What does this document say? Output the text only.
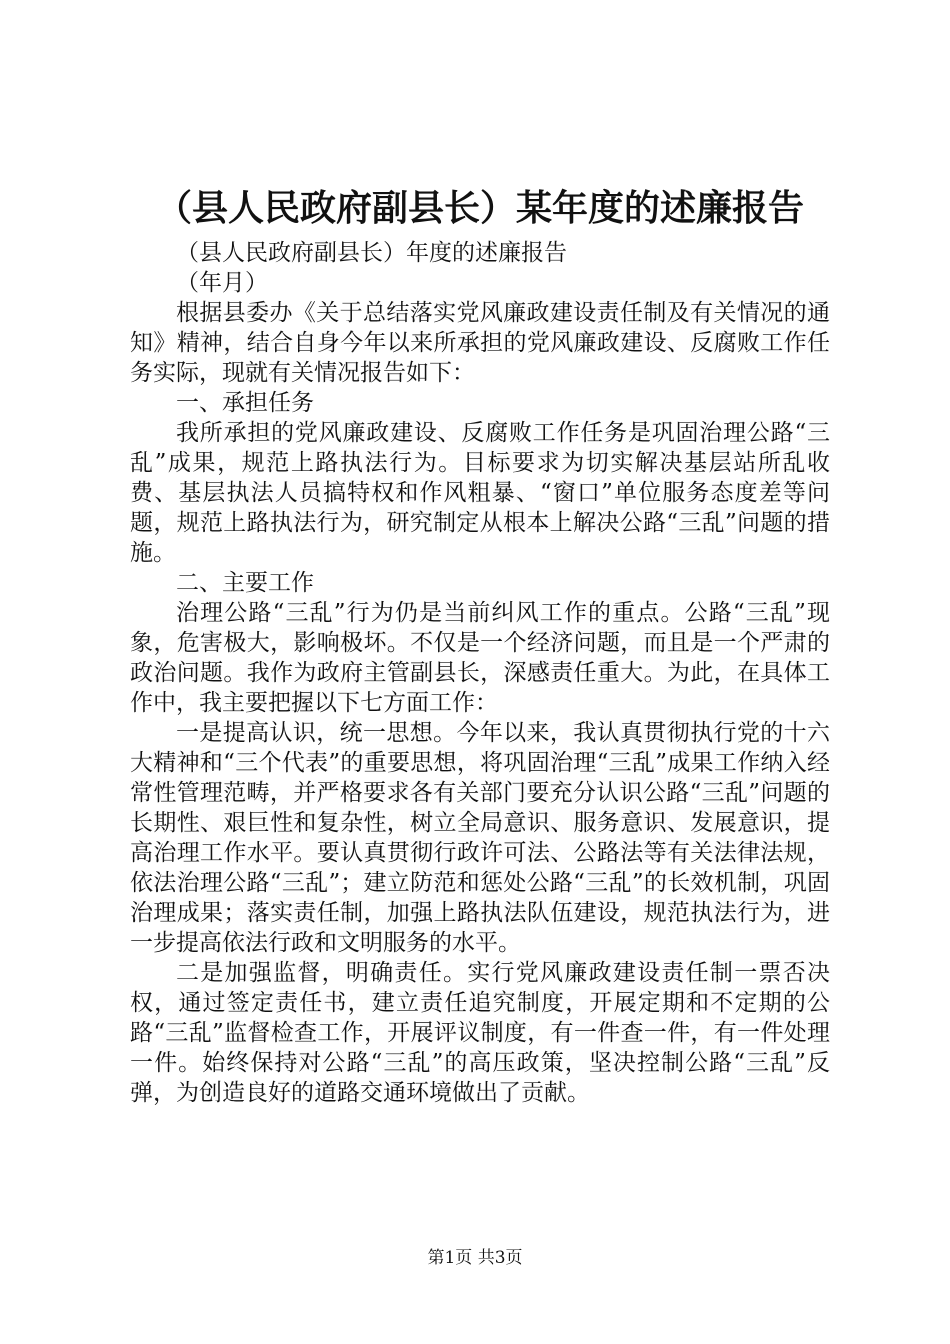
（县人民政府副县长）某年度的述廉报告

（县人民政府副县长）年度的述廉报告

（年月）

根据县委办《关于总结落实党风廉政建设责任制及有关情况的通知》精神，结合自身今年以来所承担的党风廉政建设、反腐败工作任务实际，现就有关情况报告如下：

一、承担任务

我所承担的党风廉政建设、反腐败工作任务是巩固治理公路“三乱”成果，规范上路执法行为。目标要求为切实解决基层站所乱收费、基层执法人员搞特权和作风粗暴、“窗口”单位服务态度差等问题，规范上路执法行为，研究制定从根本上解决公路“三乱”问题的措施。

二、主要工作

治理公路“三乱”行为仍是当前纠风工作的重点。公路“三乱”现象，危害极大，影响极坏。不仅是一个经济问题，而且是一个严肃的政治问题。我作为政府主管副县长，深感责任重大。为此，在具体工作中，我主要把握以下七方面工作：

一是提高认识，统一思想。今年以来，我认真贯彻执行党的十六大精神和“三个代表”的重要思想，将巩固治理“三乱”成果工作纳入经常性管理范畴，并严格要求各有关部门要充分认识公路“三乱”问题的长期性、艰巨性和复杂性，树立全局意识、服务意识、发展意识，提高治理工作水平。要认真贯彻行政许可法、公路法等有关法律法规，依法治理公路“三乱”；建立防范和惩处公路“三乱”的长效机制，巩固治理成果；落实责任制，加强上路执法队伍建设，规范执法行为，进一步提高依法行政和文明服务的水平。

二是加强监督，明确责任。实行党风廉政建设责任制一票否决权，通过签定责任书，建立责任追究制度，开展定期和不定期的公路“三乱”监督检查工作，开展评议制度，有一件查一件，有一件处理一件。始终保持对公路“三乱”的高压政策，坚决控制公路“三乱”反弹，为创造良好的道路交通环境做出了贡献。

第1页 共3页
